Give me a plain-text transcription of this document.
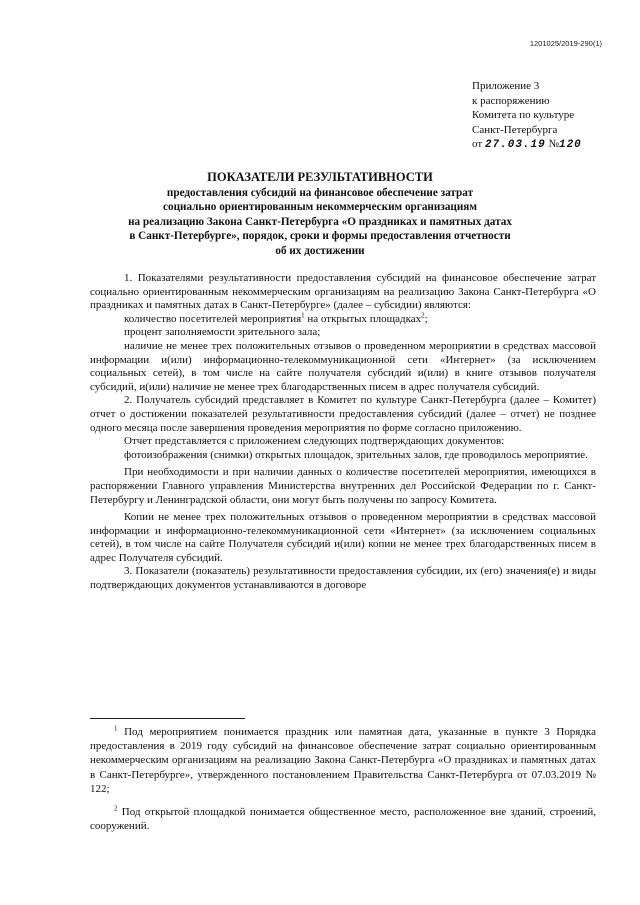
1201025/2019-290(1)
Приложение 3
к распоряжению
Комитета по культуре
Санкт-Петербурга
от 27.03.19 №120
ПОКАЗАТЕЛИ РЕЗУЛЬТАТИВНОСТИ
предоставления субсидий на финансовое обеспечение затрат
социально ориентированным некоммерческим организациям
на реализацию Закона Санкт-Петербурга «О праздниках и памятных датах
в Санкт-Петербурге», порядок, сроки и формы предоставления отчетности
об их достижении

1. Показателями результативности предоставления субсидий на финансовое обеспечение затрат социально ориентированным некоммерческим организациям на реализацию Закона Санкт-Петербурга «О праздниках и памятных датах в Санкт-Петербурге» (далее – субсидии) являются:

количество посетителей мероприятия$^1$ на открытых площадках$^2$;

процент заполняемости зрительного зала;

наличие не менее трех положительных отзывов о проведенном мероприятии в средствах массовой информации и(или) информационно-телекоммуникационной сети «Интернет» (за исключением социальных сетей), в том числе на сайте получателя субсидий и(или) в книге отзывов получателя субсидий, и(или) наличие не менее трех благодарственных писем в адрес получателя субсидий.

2. Получатель субсидий представляет в Комитет по культуре Санкт-Петербурга (далее – Комитет) отчет о достижении показателей результативности предоставления субсидий (далее – отчет) не позднее одного месяца после завершения проведения мероприятия по форме согласно приложению.

Отчет представляется с приложением следующих подтверждающих документов:

фотоизображения (снимки) открытых площадок, зрительных залов, где проводилось мероприятие.

При необходимости и при наличии данных о количестве посетителей мероприятия, имеющихся в распоряжении Главного управления Министерства внутренних дел Российской Федерации по г. Санкт-Петербургу и Ленинградской области, они могут быть получены по запросу Комитета.

Копии не менее трех положительных отзывов о проведенном мероприятии в средствах массовой информации и информационно-телекоммуникационной сети «Интернет» (за исключением социальных сетей), в том числе на сайте Получателя субсидий и(или) копии не менее трех благодарственных писем в адрес Получателя субсидий.

3. Показатели (показатель) результативности предоставления субсидии, их (его) значения(е) и виды подтверждающих документов устанавливаются в договоре

$^1$ Под мероприятием понимается праздник или памятная дата, указанные в пункте 3 Порядка предоставления в 2019 году субсидий на финансовое обеспечение затрат социально ориентированным некоммерческим организациям на реализацию Закона Санкт-Петербурга «О праздниках и памятных датах в Санкт-Петербурге», утвержденного постановлением Правительства Санкт-Петербурга от 07.03.2019 № 122;

$^2$ Под открытой площадкой понимается общественное место, расположенное вне зданий, строений, сооружений.
